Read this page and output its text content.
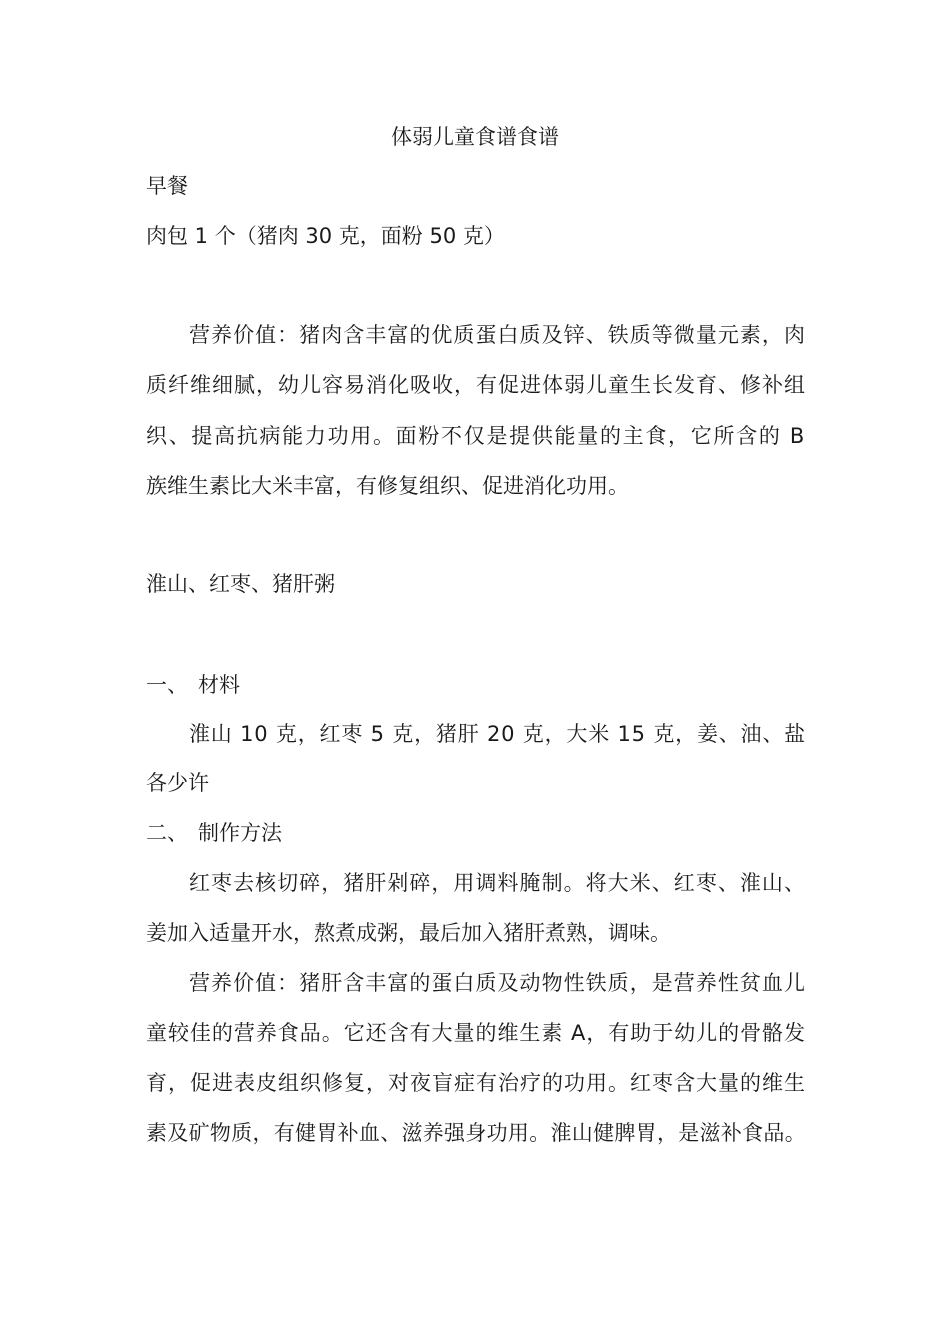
体弱儿童食谱食谱
早餐
肉包 1 个（猪肉 30 克，面粉 50 克）
营养价值：猪肉含丰富的优质蛋白质及锌、铁质等微量元素，肉
质纤维细腻，幼儿容易消化吸收，有促进体弱儿童生长发育、修补组
织、提高抗病能力功用。面粉不仅是提供能量的主食，它所含的 B
族维生素比大米丰富，有修复组织、促进消化功用。
淮山、红枣、猪肝粥
一、 材料
淮山 10 克，红枣 5 克，猪肝 20 克，大米 15 克，姜、油、盐
各少许
二、 制作方法
红枣去核切碎，猪肝剁碎，用调料腌制。将大米、红枣、淮山、
姜加入适量开水，熬煮成粥，最后加入猪肝煮熟，调味。
营养价值：猪肝含丰富的蛋白质及动物性铁质，是营养性贫血儿
童较佳的营养食品。它还含有大量的维生素 A，有助于幼儿的骨骼发
育，促进表皮组织修复，对夜盲症有治疗的功用。红枣含大量的维生
素及矿物质，有健胃补血、滋养强身功用。淮山健脾胃，是滋补食品。
